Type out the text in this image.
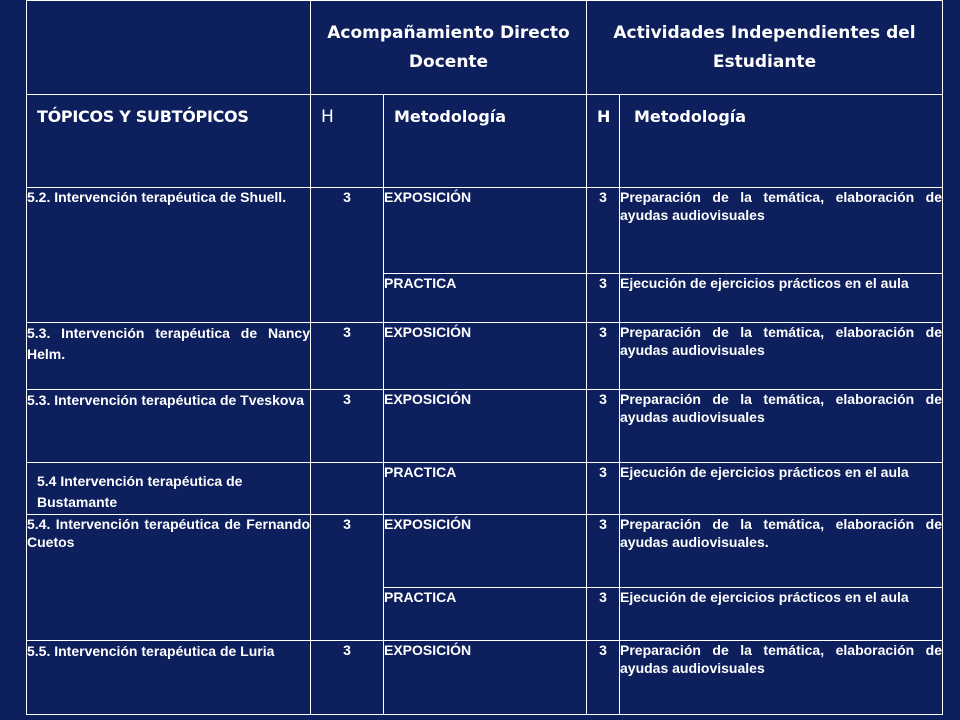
	Acompañamiento Directo Docente		Actividades Independientes del Estudiante	
TÓPICOS Y SUBTÓPICOS	H	Metodología	H	Metodología
5.2. Intervención terapéutica de Shuell.	3	EXPOSICIÓN	3	Preparación de la temática, elaboración de ayudas audiovisuales
		PRACTICA	3	Ejecución de ejercicios prácticos en el aula
5.3. Intervención terapéutica de Nancy Helm.	3	EXPOSICIÓN	3	Preparación de la temática, elaboración de ayudas audiovisuales
5.3. Intervención terapéutica de Tveskova	3	EXPOSICIÓN	3	Preparación de la temática, elaboración de ayudas audiovisuales
5.4 Intervención terapéutica de Bustamante		PRACTICA	3	Ejecución de ejercicios prácticos en el aula
5.4. Intervención terapéutica de Fernando Cuetos	3	EXPOSICIÓN	3	Preparación de la temática, elaboración de ayudas audiovisuales.
		PRACTICA	3	Ejecución de ejercicios prácticos en el aula
5.5. Intervención terapéutica de Luria	3	EXPOSICIÓN	3	Preparación de la temática, elaboración de ayudas audiovisuales
